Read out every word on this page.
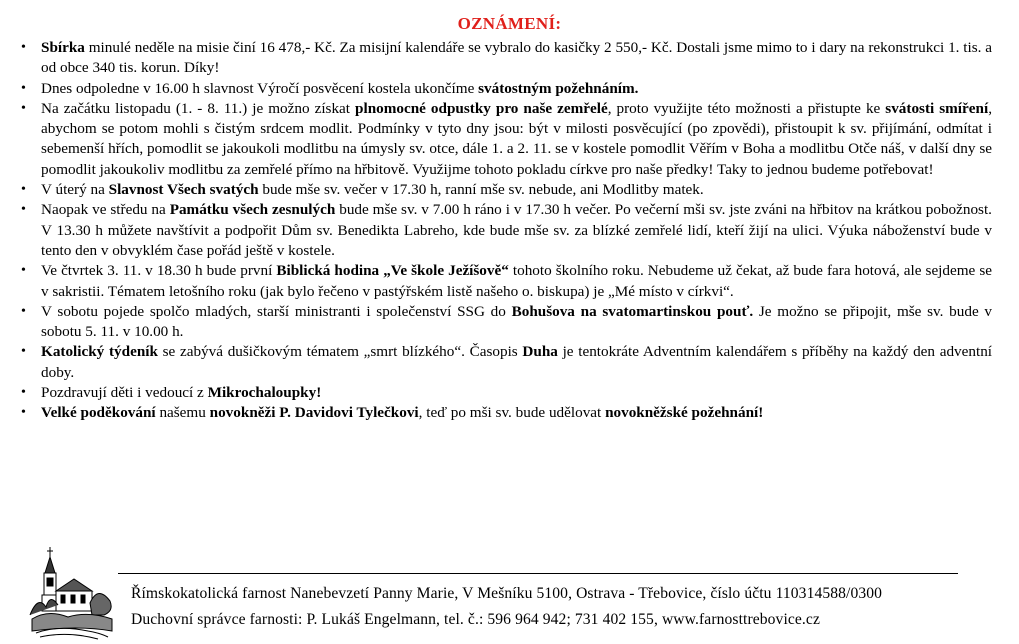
OZNÁMENÍ:
• Sbírka minulé neděle na misie činí 16 478,- Kč. Za misijní kalendáře se vybralo do kasičky 2 550,- Kč. Dostali jsme mimo to i dary na rekonstrukci 1. tis. a od obce 340 tis. korun. Díky!
• Dnes odpoledne v 16.00 h slavnost Výročí posvěcení kostela ukončíme svátostným požehnáním.
• Na začátku listopadu (1. - 8. 11.) je možno získat plnomocné odpustky pro naše zemřelé, proto využijte této možnosti a přistupte ke svátosti smíření, abychom se potom mohli s čistým srdcem modlit. Podmínky v tyto dny jsou: být v milosti posvěcující (po zpovědi), přistoupit k sv. přijímání, odmítat i sebemenší hřích, pomodlit se jakoukoli modlitbu na úmysly sv. otce, dále 1. a 2. 11. se v kostele pomodlit Věřím v Boha a modlitbu Otče náš, v další dny se pomodlit jakoukoliv modlitbu za zemřelé přímo na hřbitově. Využijme tohoto pokladu církve pro naše předky! Taky to jednou budeme potřebovat!
• V úterý na Slavnost Všech svatých bude mše sv. večer v 17.30 h, ranní mše sv. nebude, ani Modlitby matek.
• Naopak ve středu na Památku všech zesnulých bude mše sv. v 7.00 h ráno i v 17.30 h večer. Po večerní mši sv. jste zváni na hřbitov na krátkou pobožnost. V 13.30 h můžete navštívit a podpořit Dům sv. Benedikta Labreho, kde bude mše sv. za blízké zemřelé lidí, kteří žijí na ulici. Výuka náboženství bude v tento den v obvyklém čase pořád ještě v kostele.
• Ve čtvrtek 3. 11. v 18.30 h bude první Biblická hodina „Ve škole Ježíšově“ tohoto školního roku. Nebudeme už čekat, až bude fara hotová, ale sejdeme se v sakristii. Tématem letošního roku (jak bylo řečeno v pastýřském listě našeho o. biskupa) je „Mé místo v církvi“.
• V sobotu pojede spolčo mladých, starší ministranti i společenství SSG do Bohušova na svatomartinskou pouť. Je možno se připojit, mše sv. bude v sobotu 5. 11. v 10.00 h.
• Katolický týdeník se zabývá dušičkovým tématem „smrt blízkého“. Časopis Duha je tentokráte Adventním kalendářem s příběhy na každý den adventní doby.
• Pozdravují děti i vedoucí z Mikrochaloupky!
• Velké poděkování našemu novokněži P. Davidovi Tylečkovi, teď po mši sv. bude udělovat novokněžské požehnání!
Římskokatolická farnost Nanebevzetí Panny Marie, V Mešníku 5100, Ostrava - Třebovice, číslo účtu 110314588/0300
Duchovní správce farnosti: P. Lukáš Engelmann, tel. č.: 596 964 942; 731 402 155, www.farnosttrebovice.cz
